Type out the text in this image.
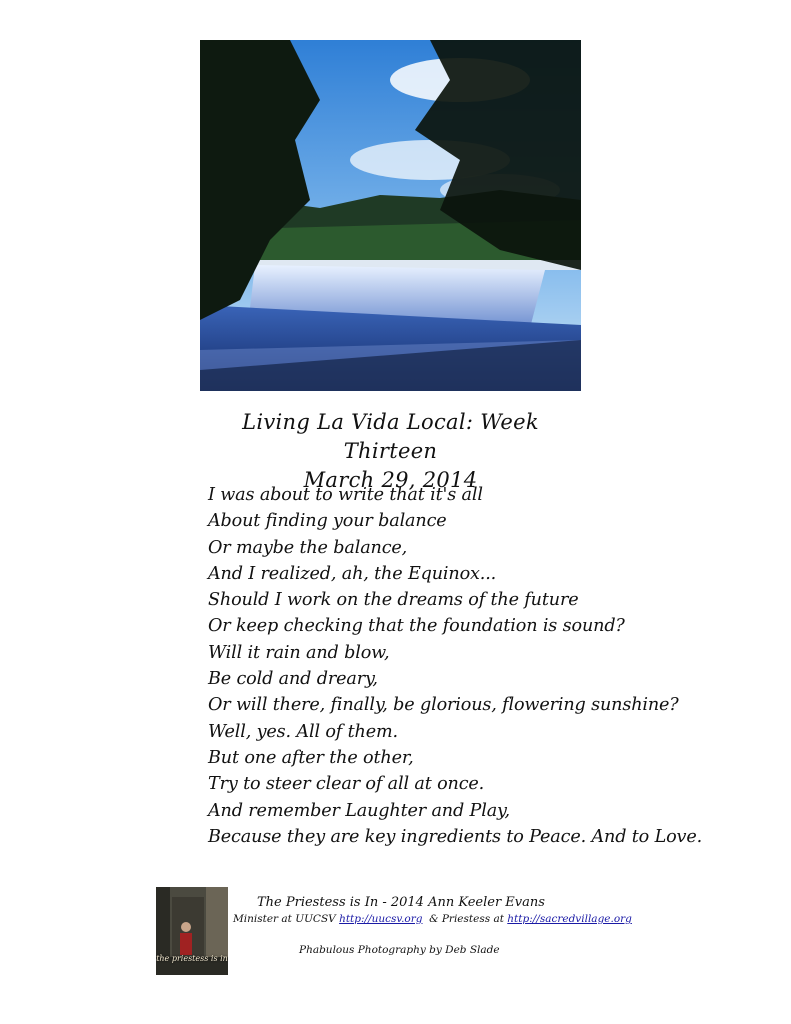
Living La Vida Local: Week Thirteen
March 29, 2014
I was about to write that it's all
About finding your balance
Or maybe the balance,
And I realized, ah, the Equinox...
Should I work on the dreams of the future
Or keep checking that the foundation is sound?
Will it rain and blow,
Be cold and dreary,
Or will there, finally, be glorious, flowering sunshine?
Well, yes. All of them.
But one after the other,
Try to steer clear of all at once.
And remember Laughter and Play,
Because they are key ingredients to Peace. And to Love.
the priestess is in
The Priestess is In - 2014 Ann Keeler Evans
Minister at UUCSV http://uucsv.org  & Priestess at http://sacredvillage.org
Phabulous Photography by Deb Slade
